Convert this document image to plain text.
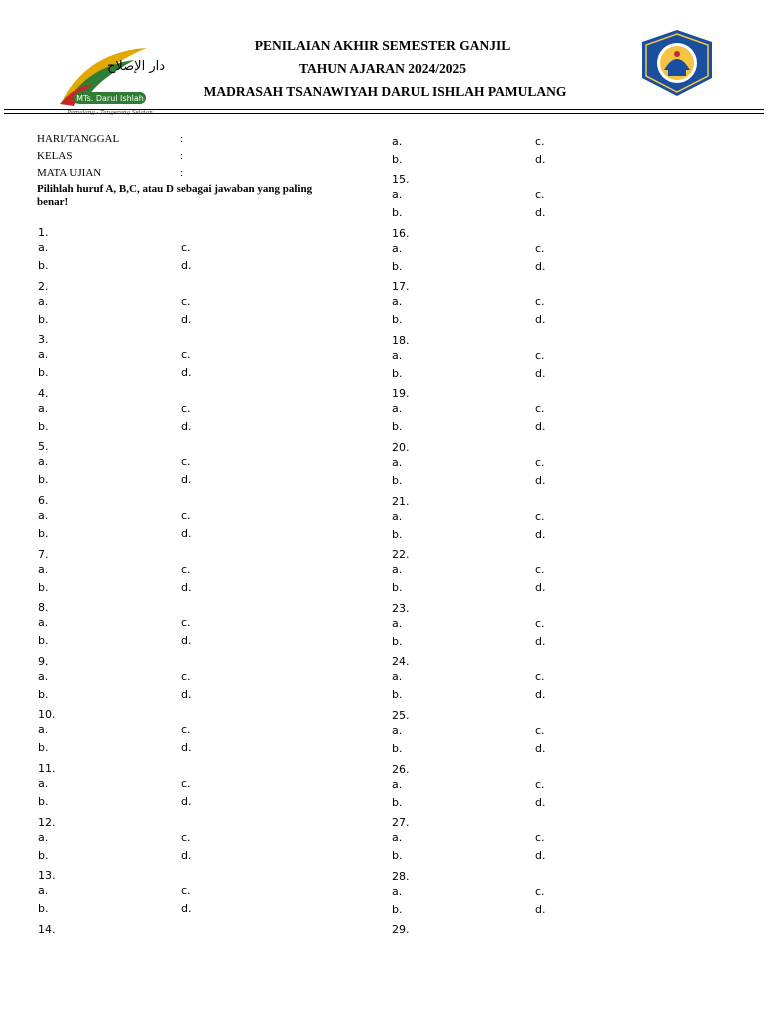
دار الإصلاح
MTs. Darul Ishlah
Pamulang - Tangerang Selatan
PENILAIAN AKHIR SEMESTER GANJIL
TAHUN AJARAN 2024/2025
MADRASAH TSANAWIYAH DARUL ISHLAH PAMULANG
HARI/TANGGAL	:
KELAS	:
MATA UJIAN	:
Pilihlah huruf A, B,C, atau D sebagai jawaban yang paling benar!
1.
a.	c.
b.	d.
2.
a.	c.
b.	d.
3.
a.	c.
b.	d.
4.
a.	c.
b.	d.
5.
a.	c.
b.	d.
6.
a.	c.
b.	d.
7.
a.	c.
b.	d.
8.
a.	c.
b.	d.
9.
a.	c.
b.	d.
10.
a.	c.
b.	d.
11.
a.	c.
b.	d.
12.
a.	c.
b.	d.
13.
a.	c.
b.	d.
14.
a.	c.
b.	d.
15.
a.	c.
b.	d.
16.
a.	c.
b.	d.
17.
a.	c.
b.	d.
18.
a.	c.
b.	d.
19.
a.	c.
b.	d.
20.
a.	c.
b.	d.
21.
a.	c.
b.	d.
22.
a.	c.
b.	d.
23.
a.	c.
b.	d.
24.
a.	c.
b.	d.
25.
a.	c.
b.	d.
26.
a.	c.
b.	d.
27.
a.	c.
b.	d.
28.
a.	c.
b.	d.
29.
